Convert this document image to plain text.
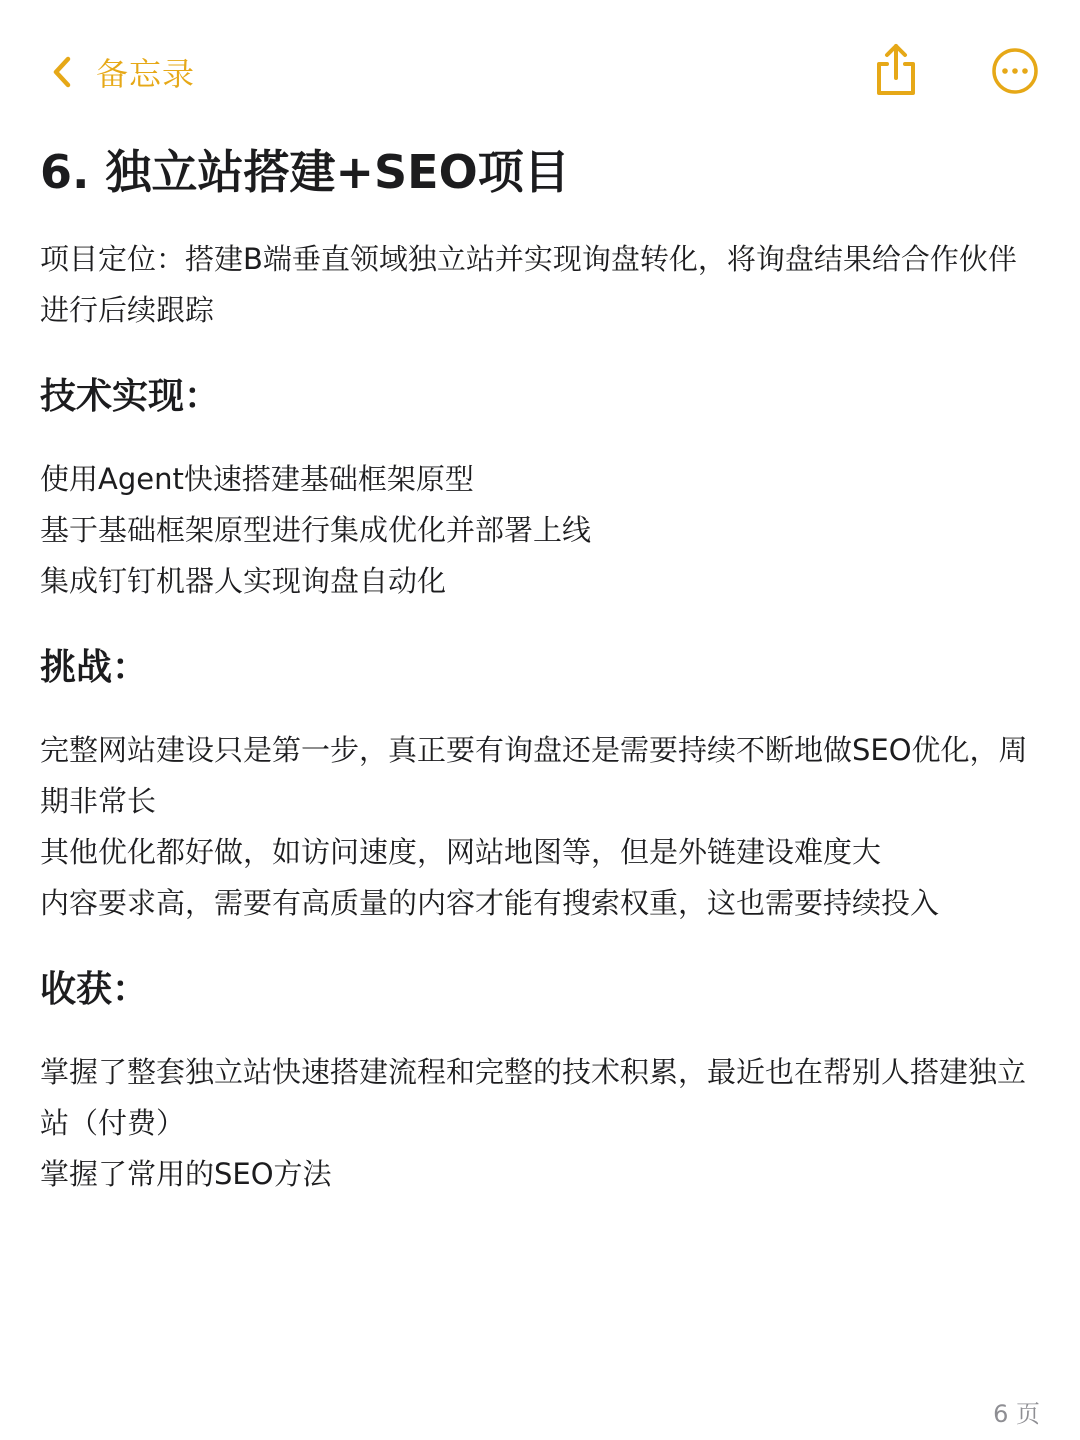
备忘录
6. 独立站搭建+SEO项目
项目定位：搭建B端垂直领域独立站并实现询盘转化，将询盘结果给合作伙伴进行后续跟踪
技术实现：
使用Agent快速搭建基础框架原型
基于基础框架原型进行集成优化并部署上线
集成钉钉机器人实现询盘自动化
挑战：
完整网站建设只是第一步，真正要有询盘还是需要持续不断地做SEO优化，周期非常长
其他优化都好做，如访问速度，网站地图等，但是外链建设难度大
内容要求高，需要有高质量的内容才能有搜索权重，这也需要持续投入
收获：
掌握了整套独立站快速搭建流程和完整的技术积累，最近也在帮别人搭建独立站（付费）
掌握了常用的SEO方法
6 页
